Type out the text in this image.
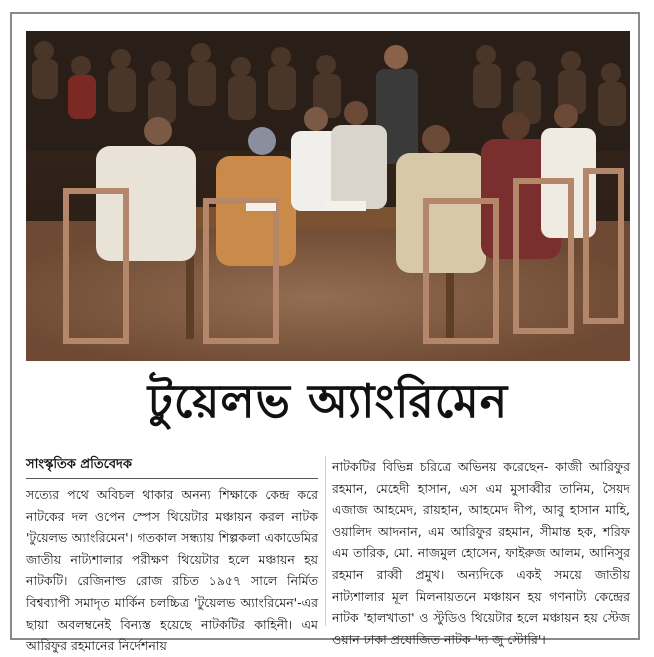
টুয়েলভ অ্যাংরিমেন
সাংস্কৃতিক প্রতিবেদক

সত্যের পথে অবিচল থাকার অনন্য শিক্ষাকে কেন্দ্র করে নাটকের দল ওপেন স্পেস থিয়েটার মঞ্চায়ন করল নাটক 'টুয়েলভ অ্যাংরিমেন'। গতকাল সন্ধ্যায় শিল্পকলা একাডেমির জাতীয় নাট্যশালার পরীক্ষণ থিয়েটার হলে মঞ্চায়ন হয় নাটকটি। রেজিনাল্ড রোজ রচিত ১৯৫৭ সালে নির্মিত বিশ্বব্যাপী সমাদৃত মার্কিন চলচ্চিত্র 'টুয়েলভ অ্যাংরিমেন'-এর ছায়া অবলম্বনেই বিন্যস্ত হয়েছে নাটকটির কাহিনী। এম আরিফুর রহমানের নির্দেশনায়

নাটকটির বিভিন্ন চরিত্রে অভিনয় করেছেন- কাজী আরিফুর রহমান, মেহেদী হাসান, এস এম মুসাব্বীর তানিম, সৈয়দ এজাজ আহমেদ, রায়হান, আহমেদ দীপ, আবু হাসান মাহি, ওয়ালিদ আদনান, এম আরিফুর রহমান, সীমান্ত হক, শরিফ এম তারিক, মো. নাজমুল হোসেন, ফাইরুজ আলম, আনিসুর রহমান রাব্বী প্রমুখ। অন্যদিকে একই সময়ে জাতীয় নাট্যশালার মূল মিলনায়তনে মঞ্চায়ন হয় গণনাট্য কেন্দ্রের নাটক 'হালখাতা' ও স্টুডিও থিয়েটার হলে মঞ্চায়ন হয় স্টেজ ওয়ান ঢাকা প্রযোজিত নাটক 'দ্য জু স্টোরি'।
